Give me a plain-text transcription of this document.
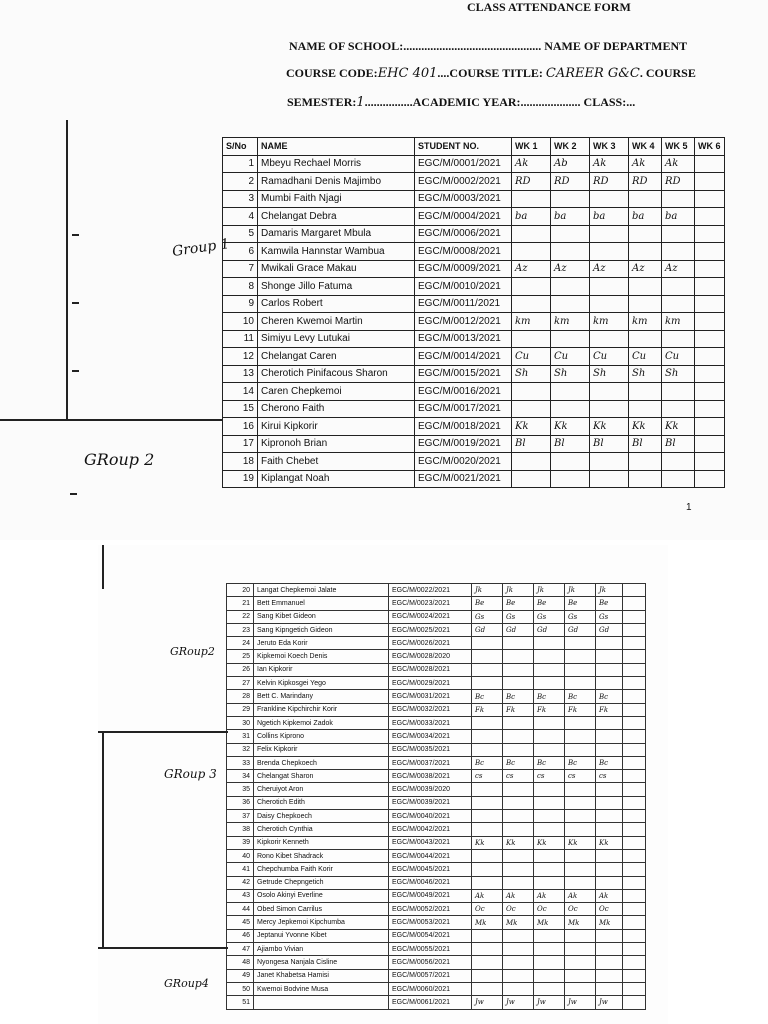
CLASS ATTENDANCE FORM
NAME OF SCHOOL:.............................................. NAME OF DEPARTMENT
COURSE CODE:EHC 401....COURSE TITLE: CAREER G&C. COURSE
SEMESTER:1................ACADEMIC YEAR:.................... CLASS:...
S/No	NAME	STUDENT NO.	WK 1	WK 2	WK 3	WK 4	WK 5	WK 6
1	Mbeyu Rechael Morris	EGC/M/0001/2021	Ak	Ab	Ak	Ak	Ak	
2	Ramadhani Denis Majimbo	EGC/M/0002/2021	RD	RD	RD	RD	RD	
3	Mumbi Faith Njagi	EGC/M/0003/2021						
4	Chelangat Debra	EGC/M/0004/2021	ba	ba	ba	ba	ba	
5	Damaris Margaret Mbula	EGC/M/0006/2021						
6	Kamwila Hannstar Wambua	EGC/M/0008/2021						
7	Mwikali Grace Makau	EGC/M/0009/2021	Az	Az	Az	Az	Az	
8	Shonge Jillo Fatuma	EGC/M/0010/2021						
9	Carlos Robert	EGC/M/0011/2021						
10	Cheren Kwemoi Martin	EGC/M/0012/2021	km	km	km	km	km	
11	Simiyu Levy Lutukai	EGC/M/0013/2021						
12	Chelangat Caren	EGC/M/0014/2021	Cu	Cu	Cu	Cu	Cu	
13	Cherotich Pinifacous Sharon	EGC/M/0015/2021	Sh	Sh	Sh	Sh	Sh	
14	Caren Chepkemoi	EGC/M/0016/2021						
15	Cherono Faith	EGC/M/0017/2021						
16	Kirui Kipkorir	EGC/M/0018/2021	Kk	Kk	Kk	Kk	Kk	
17	Kipronoh Brian	EGC/M/0019/2021	Bl	Bl	Bl	Bl	Bl	
18	Faith Chebet	EGC/M/0020/2021						
19	Kiplangat Noah	EGC/M/0021/2021						
1
Group 1
GRoup 2
20	Langat Chepkemoi Jalate	EGC/M/0022/2021	Jk	Jk	Jk	Jk	Jk	
21	Bett Emmanuel	EGC/M/0023/2021	Be	Be	Be	Be	Be	
22	Sang Kibet Gideon	EGC/M/0024/2021	Gs	Gs	Gs	Gs	Gs	
23	Sang Kipngetich Gideon	EGC/M/0025/2021	Gd	Gd	Gd	Gd	Gd	
24	Jeruto Eda Korir	EGC/M/0026/2021						
25	Kipkemoi Koech Denis	EGC/M/0028/2020						
26	Ian Kipkorir	EGC/M/0028/2021						
27	Kelvin Kipkosgei Yego	EGC/M/0029/2021						
28	Bett C. Marindany	EGC/M/0031/2021	Bc	Bc	Bc	Bc	Bc	
29	Frankline Kipchirchir Korir	EGC/M/0032/2021	Fk	Fk	Fk	Fk	Fk	
30	Ngetich Kipkemoi Zadok	EGC/M/0033/2021						
31	Collins Kiprono	EGC/M/0034/2021						
32	Felix Kipkorir	EGC/M/0035/2021						
33	Brenda Chepkoech	EGC/M/0037/2021	Bc	Bc	Bc	Bc	Bc	
34	Chelangat Sharon	EGC/M/0038/2021	cs	cs	cs	cs	cs	
35	Cheruiyot Aron	EGC/M/0039/2020						
36	Cherotich Edith	EGC/M/0039/2021						
37	Daisy Chepkoech	EGC/M/0040/2021						
38	Cherotich Cynthia	EGC/M/0042/2021						
39	Kipkorir Kenneth	EGC/M/0043/2021	Kk	Kk	Kk	Kk	Kk	
40	Rono Kibet Shadrack	EGC/M/0044/2021						
41	Chepchumba Faith Korir	EGC/M/0045/2021						
42	Getrude Chepngetich	EGC/M/0046/2021						
43	Osolo Akinyi Everline	EGC/M/0049/2021	Ak	Ak	Ak	Ak	Ak	
44	Obed Simon Carrilus	EGC/M/0052/2021	Oc	Oc	Oc	Oc	Oc	
45	Mercy Jepkemoi Kipchumba	EGC/M/0053/2021	Mk	Mk	Mk	Mk	Mk	
46	Jeptanui Yvonne Kibet	EGC/M/0054/2021						
47	Ajiambo Vivian	EGC/M/0055/2021						
48	Nyongesa Nanjala Cisline	EGC/M/0056/2021						
49	Janet Khabetsa Hamisi	EGC/M/0057/2021						
50	Kwemoi Bodvine Musa	EGC/M/0060/2021						
51		EGC/M/0061/2021	Jw	Jw	Jw	Jw	Jw	
GRoup2
GRoup 3
GRoup4
